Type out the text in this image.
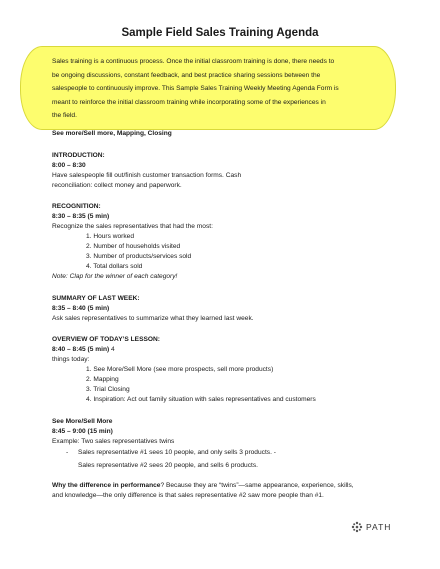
Sample Field Sales Training Agenda
Sales training is a continuous process. Once the initial classroom training is done, there needs to
be ongoing discussions, constant feedback, and best practice sharing sessions between the
salespeople to continuously improve. This Sample Sales Training Weekly Meeting Agenda Form is
meant to reinforce the initial classroom training while incorporating some of the experiences in
the field.
See more/Sell more, Mapping, Closing
INTRODUCTION:
8:00 – 8:30
Have salespeople fill out/finish customer transaction forms. Cash
reconciliation: collect money and paperwork.
RECOGNITION:
8:30 – 8:35 (5 min)
Recognize the sales representatives that had the most:
1. Hours worked
2. Number of households visited
3. Number of products/services sold
4. Total dollars sold
Note: Clap for the winner of each category!
SUMMARY OF LAST WEEK:
8:35 – 8:40 (5 min)
Ask sales representatives to summarize what they learned last week.
OVERVIEW OF TODAY’S LESSON:
8:40 – 8:45 (5 min) 4
things today:
1. See More/Sell More (see more prospects, sell more products)
2. Mapping
3. Trial Closing
4. Inspiration: Act out family situation with sales representatives and customers
See More/Sell More
8:45 – 9:00 (15 min)
Example: Two sales representatives twins
- Sales representative #1 sees 10 people, and only sells 3 products. -
Sales representative #2 sees 20 people, and sells 6 products.
Why the difference in performance? Because they are “twins”—same appearance, experience, skills,
and knowledge—the only difference is that sales representative #2 saw more people than #1.
PATH
